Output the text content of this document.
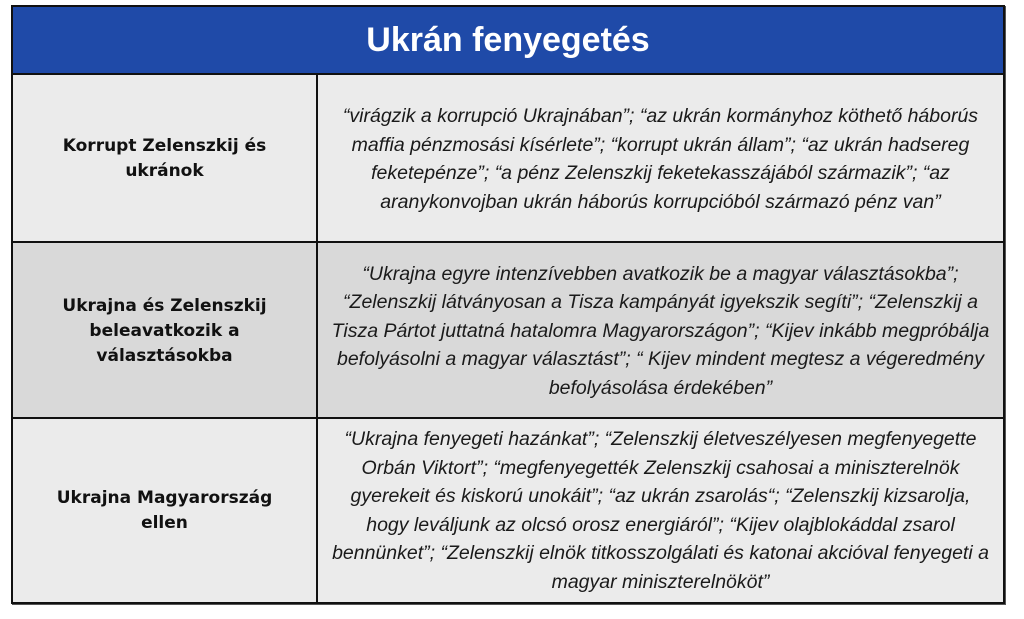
Ukrán fenyegetés
Korrupt Zelenszkij és ukránok
“virágzik a korrupció Ukrajnában”; “az ukrán kormányhoz köthető háborús maffia pénzmosási kísérlete”; “korrupt ukrán állam”; “az ukrán hadsereg feketepénze”; “a pénz Zelenszkij feketekasszájából származik”; “az aranykonvojban ukrán háborús korrupcióból származó pénz van”
Ukrajna és Zelenszkij beleavatkozik a választásokba
“Ukrajna egyre intenzívebben avatkozik be a magyar választásokba”; “Zelenszkij látványosan a Tisza kampányát igyekszik segíti”; “Zelenszkij a Tisza Pártot juttatná hatalomra Magyarországon”; “Kijev inkább megpróbálja befolyásolni a magyar választást”; “ Kijev mindent megtesz a végeredmény befolyásolása érdekében”
Ukrajna Magyarország ellen
“Ukrajna fenyegeti hazánkat”; “Zelenszkij életveszélyesen megfenyegette Orbán Viktort”; “megfenyegették Zelenszkij csahosai a miniszterelnök gyerekeit és kiskorú unokáit”; “az ukrán zsarolás“; “Zelenszkij kizsarolja, hogy leváljunk az olcsó orosz energiáról”; “Kijev olajblokáddal zsarol bennünket”; “Zelenszkij elnök titkosszolgálati és katonai akcióval fenyegeti a magyar miniszterelnököt”
